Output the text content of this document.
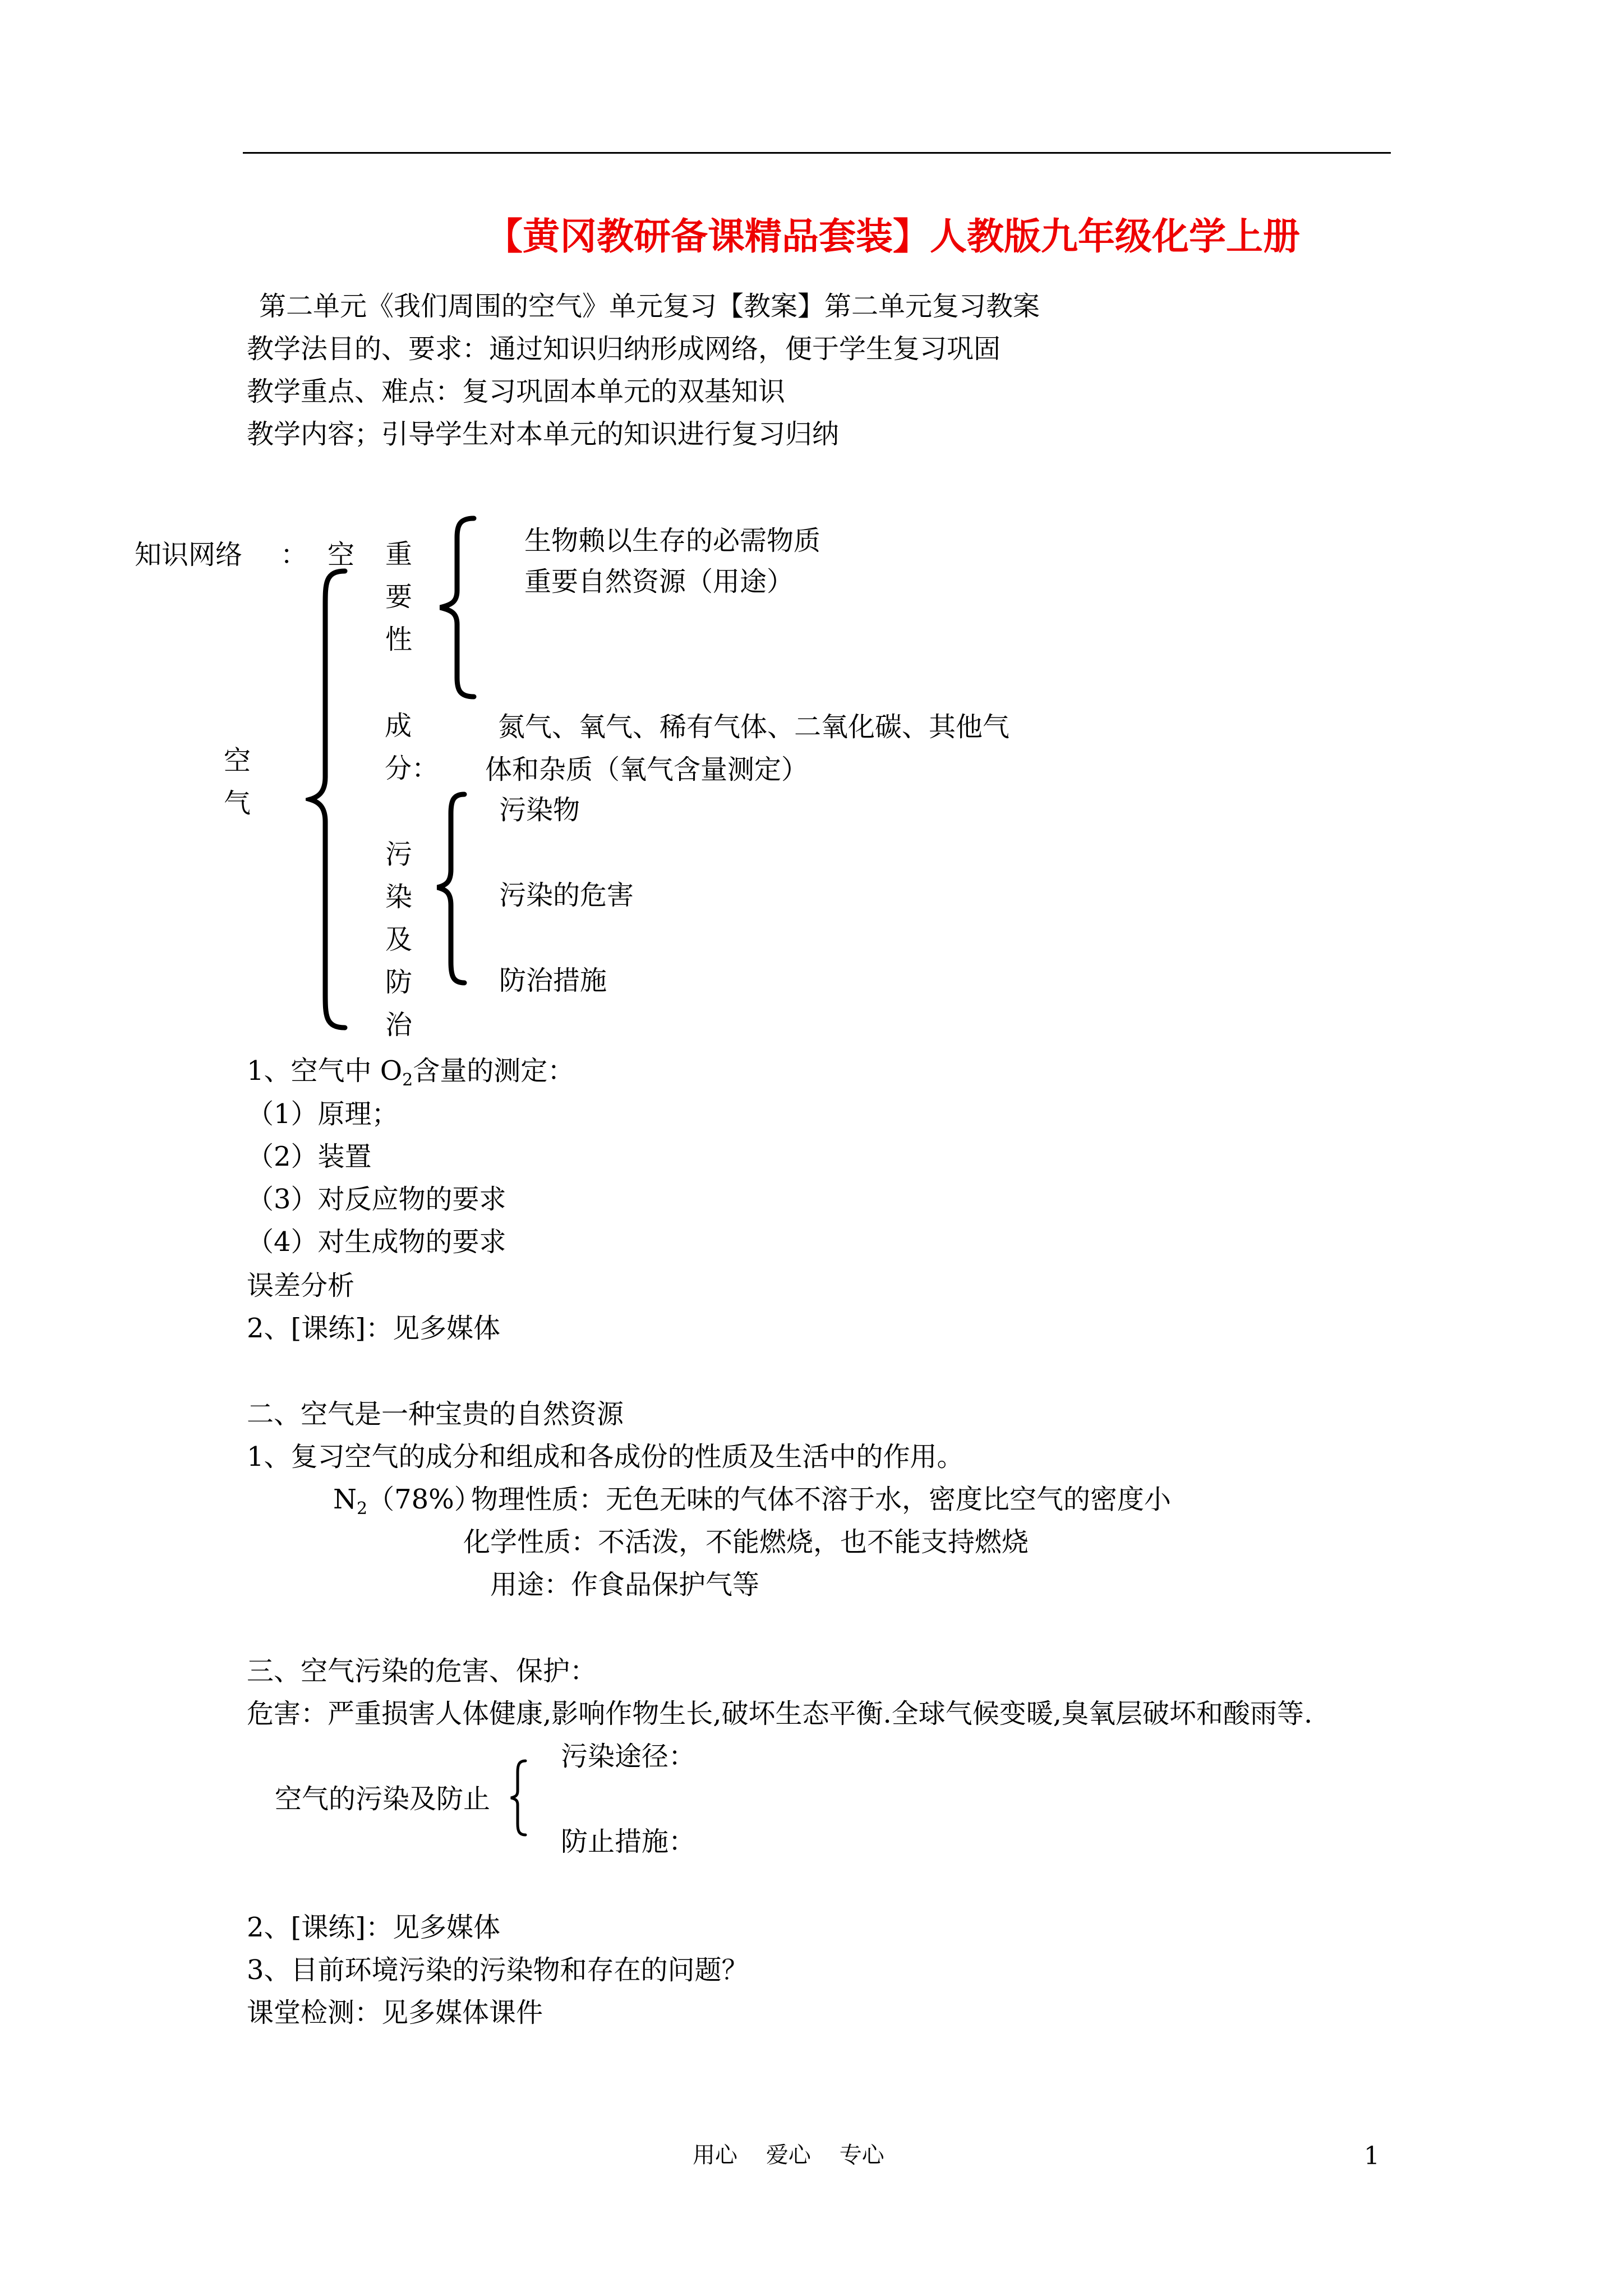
【黄冈教研备课精品套装】人教版九年级化学上册
第二单元《我们周围的空气》单元复习【教案】第二单元复习教案
教学法目的、要求：通过知识归纳形成网络，便于学生复习巩固
教学重点、难点：复习巩固本单元的双基知识
教学内容；引导学生对本单元的知识进行复习归纳
知识网络 ： 空
空
气
重
要
性
生物赖以生存的必需物质
重要自然资源（用途）
成
分：
氮气、氧气、稀有气体、二氧化碳、其他气
体和杂质（氧气含量测定）
污
染
及
防
治
污染物
污染的危害
防治措施
1、空气中 $O_2$含量的测定：
（1）原理；
（2）装置
（3）对反应物的要求
（4）对生成物的要求
误差分析
2、[课练]：见多媒体
二、空气是一种宝贵的自然资源
1、复习空气的成分和组成和各成份的性质及生活中的作用。
$N_2(78\%)$
物理性质：无色无味的气体不溶于水，密度比空气的密度小
化学性质：不活泼，不能燃烧，也不能支持燃烧
用途：作食品保护气等
三、空气污染的危害、保护：
危害：严重损害人体健康,影响作物生长,破坏生态平衡.全球气候变暖,臭氧层破坏和酸雨等.
污染途径：
空气的污染及防止
防止措施：
2、[课练]：见多媒体
3、目前环境污染的污染物和存在的问题？
课堂检测：见多媒体课件
用心    爱心    专心	1
